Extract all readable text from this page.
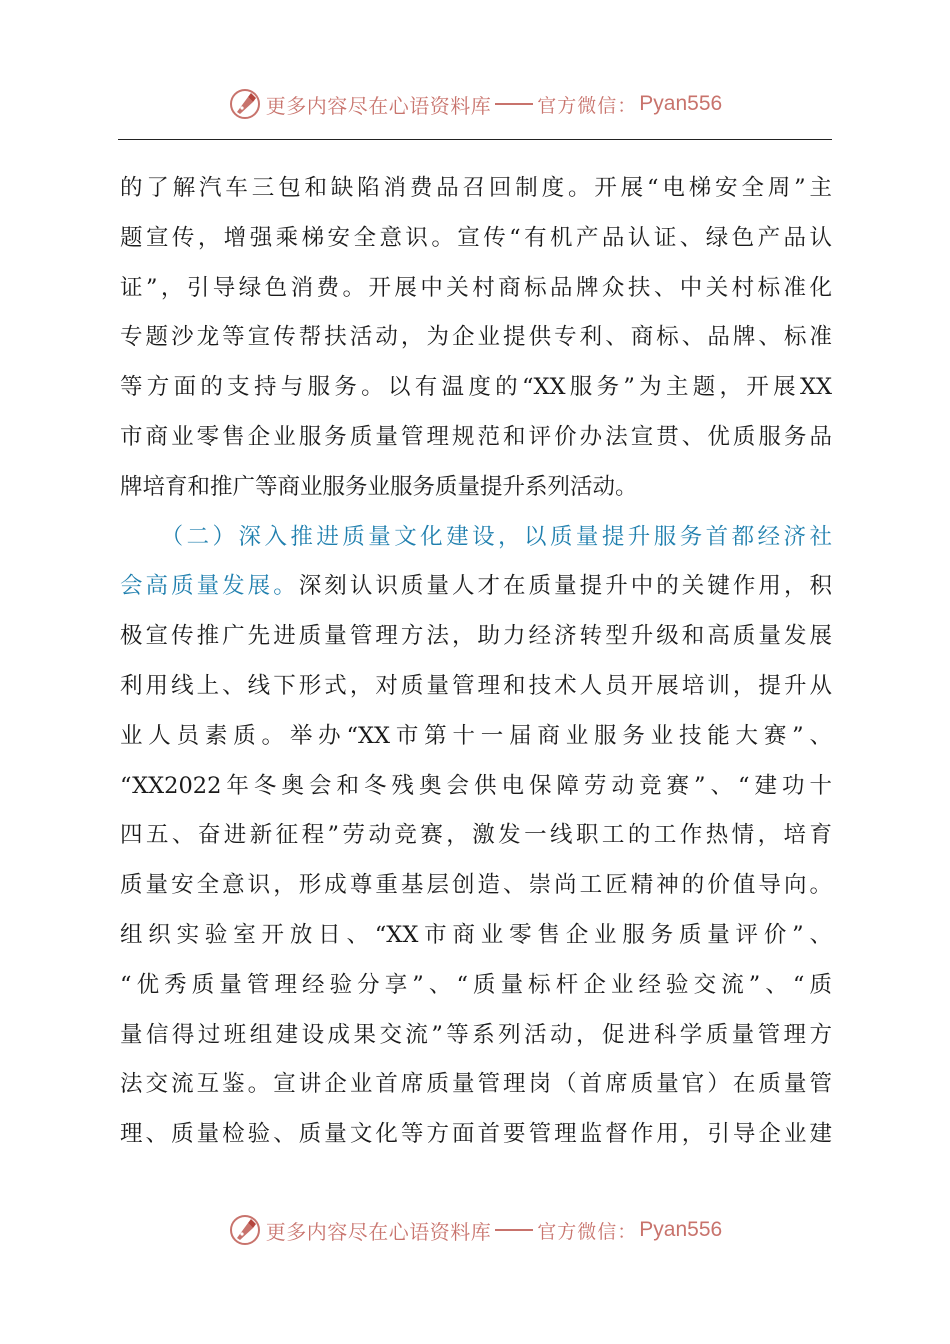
更多内容尽在心语资料库 官方微信： Pyan556
的了解汽车三包和缺陷消费品召回制度。开展“电梯安全周”主
题宣传，增强乘梯安全意识。宣传“有机产品认证、绿色产品认
证”，引导绿色消费。开展中关村商标品牌众扶、中关村标准化
专题沙龙等宣传帮扶活动，为企业提供专利、商标、品牌、标准
等方面的支持与服务。以有温度的“XX服务”为主题，开展XX
市商业零售企业服务质量管理规范和评价办法宣贯、优质服务品
牌培育和推广等商业服务业服务质量提升系列活动。
　　（二）深入推进质量文化建设，以质量提升服务首都经济社
会高质量发展。深刻认识质量人才在质量提升中的关键作用，积
极宣传推广先进质量管理方法，助力经济转型升级和高质量发展
利用线上、线下形式，对质量管理和技术人员开展培训，提升从
业人员素质。举办“XX市第十一届商业服务业技能大赛”、
“XX2022年冬奥会和冬残奥会供电保障劳动竞赛”、“建功十
四五、奋进新征程”劳动竞赛，激发一线职工的工作热情，培育
质量安全意识，形成尊重基层创造、崇尚工匠精神的价值导向。
组织实验室开放日、“XX市商业零售企业服务质量评价”、
“优秀质量管理经验分享”、“质量标杆企业经验交流”、“质
量信得过班组建设成果交流”等系列活动，促进科学质量管理方
法交流互鉴。宣讲企业首席质量管理岗（首席质量官）在质量管
理、质量检验、质量文化等方面首要管理监督作用，引导企业建
更多内容尽在心语资料库 官方微信： Pyan556
